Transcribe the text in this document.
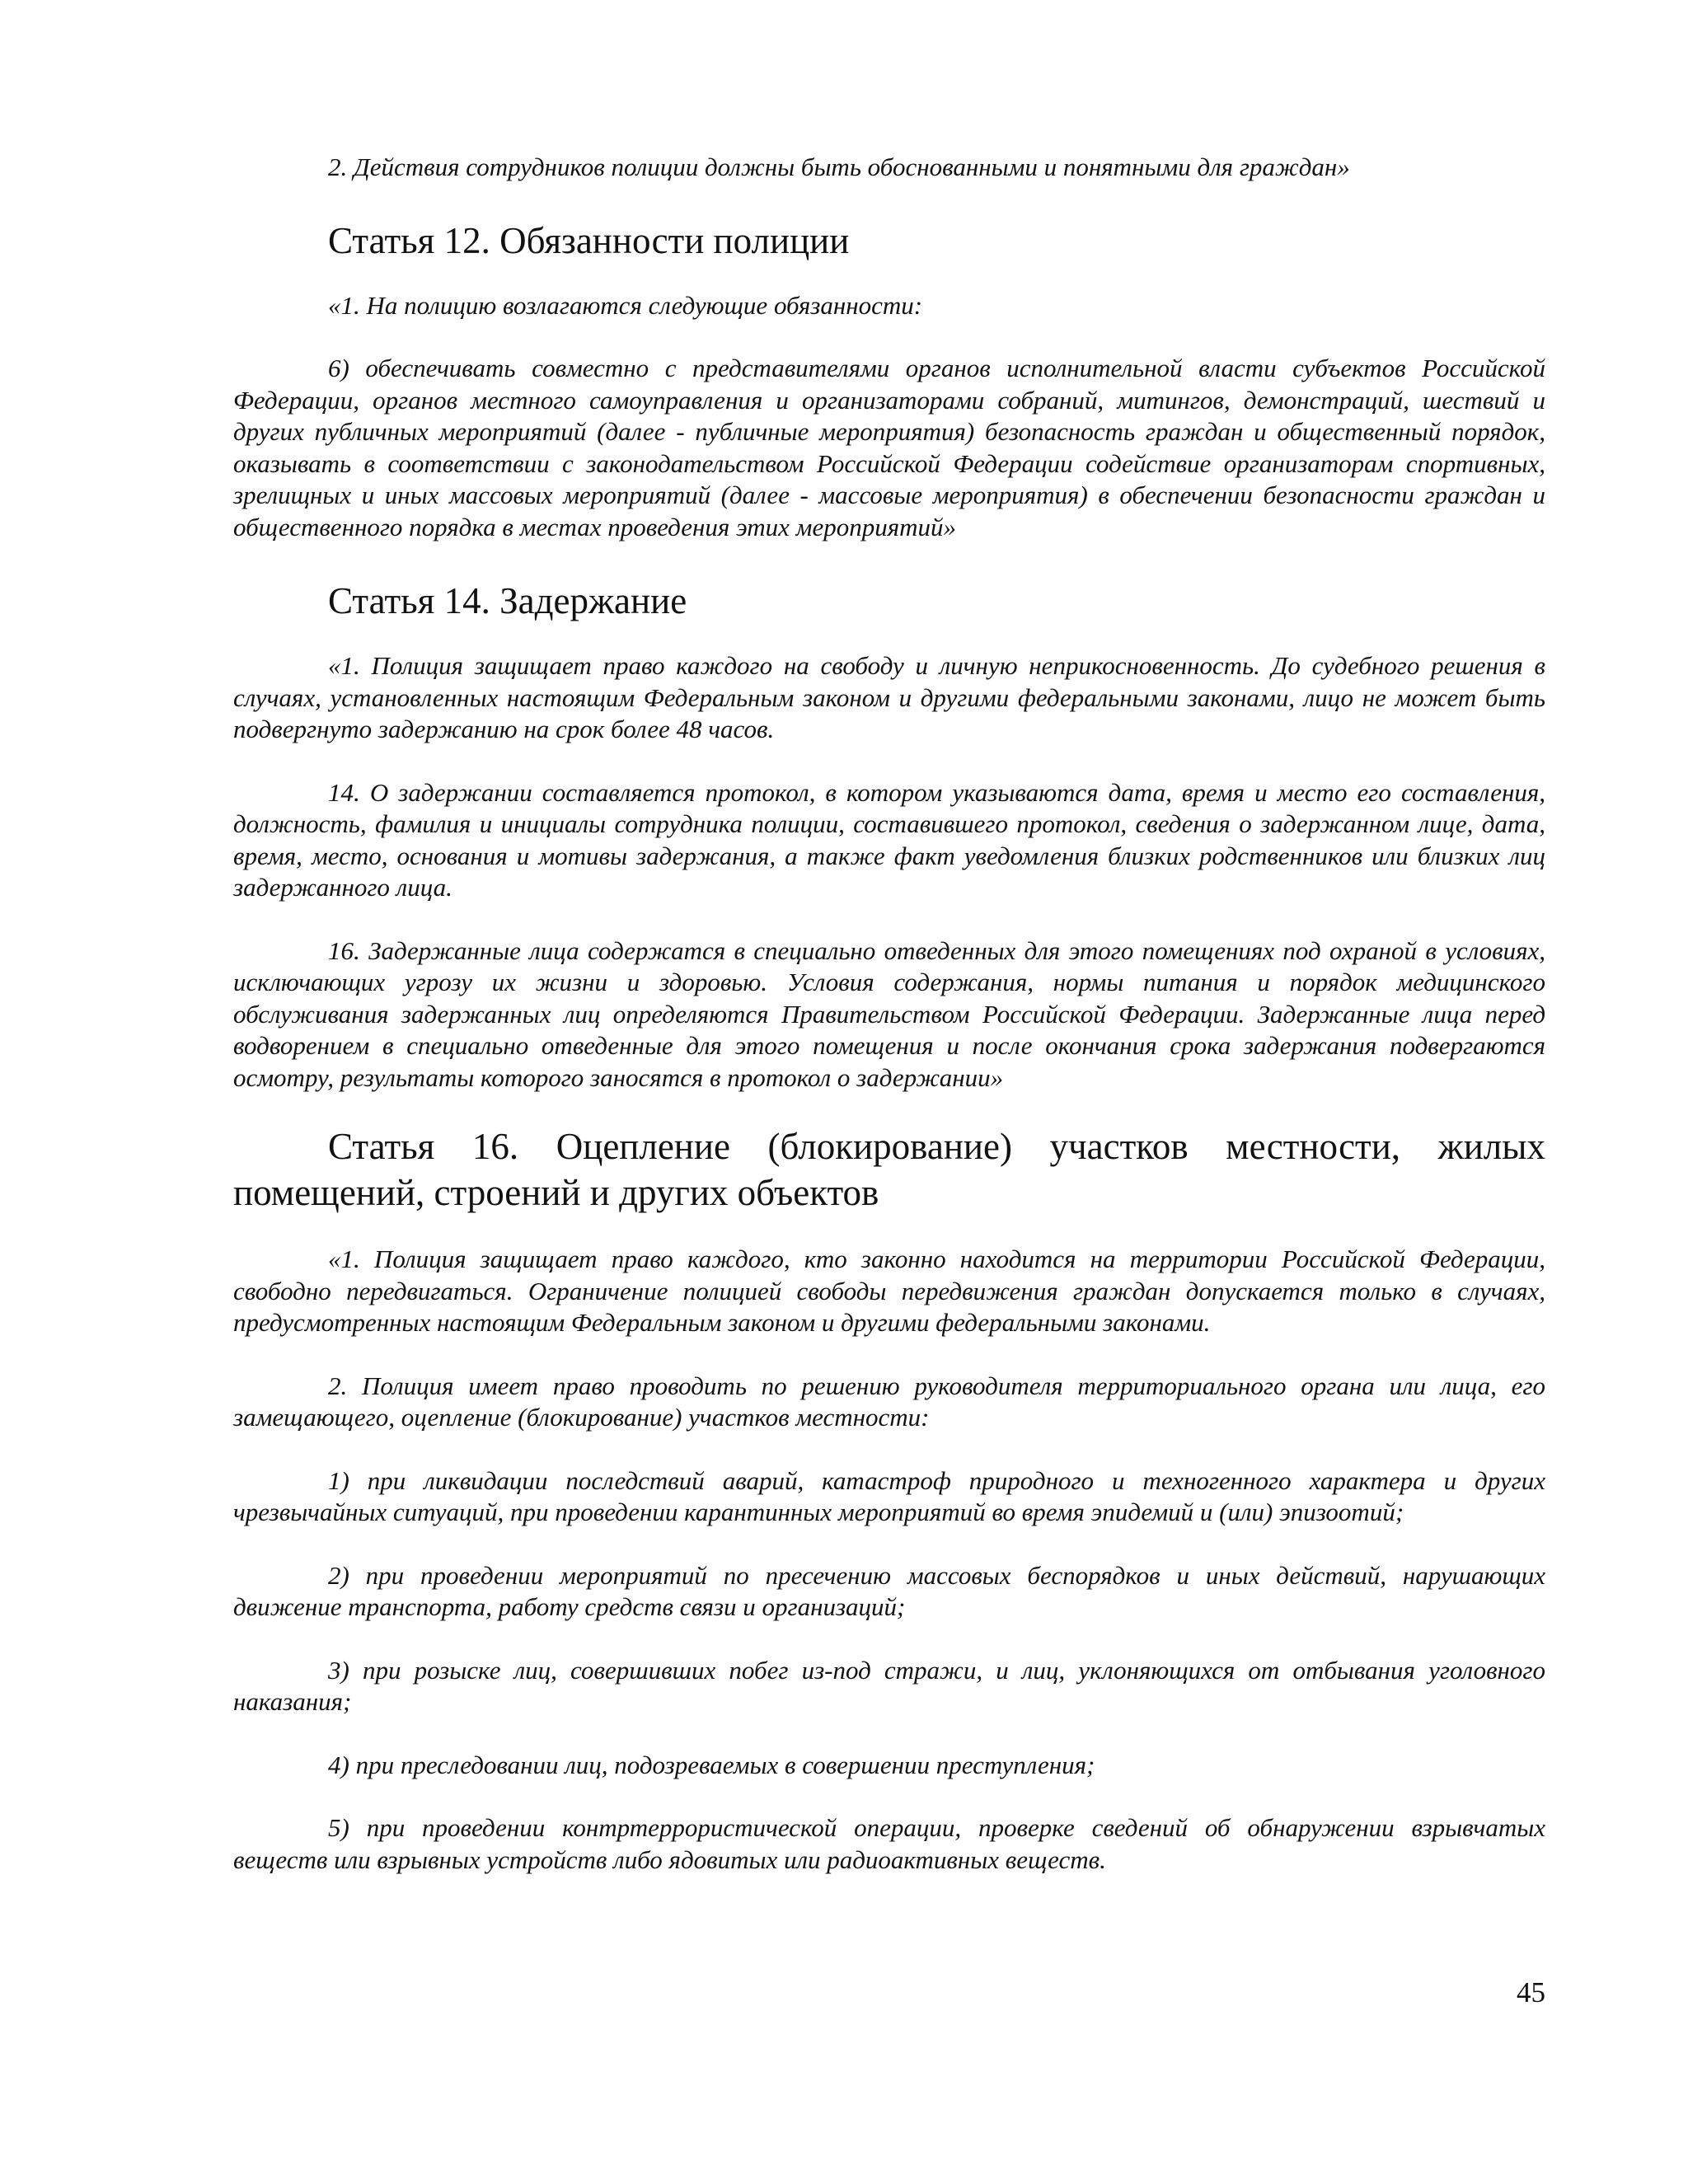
2. Действия сотрудников полиции должны быть обоснованными и понятными для граждан»

Статья 12. Обязанности полиции

«1. На полицию возлагаются следующие обязанности:

6) обеспечивать совместно с представителями органов исполнительной власти субъектов Российской Федерации, органов местного самоуправления и организаторами собраний, митингов, демонстраций, шествий и других публичных мероприятий (далее - публичные мероприятия) безопасность граждан и общественный порядок, оказывать в соответствии с законодательством Российской Федерации содействие организаторам спортивных, зрелищных и иных массовых мероприятий (далее - массовые мероприятия) в обеспечении безопасности граждан и общественного порядка в местах проведения этих мероприятий»

Статья 14. Задержание

«1. Полиция защищает право каждого на свободу и личную неприкосновенность. До судебного решения в случаях, установленных настоящим Федеральным законом и другими федеральными законами, лицо не может быть подвергнуто задержанию на срок более 48 часов.

14. О задержании составляется протокол, в котором указываются дата, время и место его составления, должность, фамилия и инициалы сотрудника полиции, составившего протокол, сведения о задержанном лице, дата, время, место, основания и мотивы задержания, а также факт уведомления близких родственников или близких лиц задержанного лица.

16. Задержанные лица содержатся в специально отведенных для этого помещениях под охраной в условиях, исключающих угрозу их жизни и здоровью. Условия содержания, нормы питания и порядок медицинского обслуживания задержанных лиц определяются Правительством Российской Федерации. Задержанные лица перед водворением в специально отведенные для этого помещения и после окончания срока задержания подвергаются осмотру, результаты которого заносятся в протокол о задержании»

Статья 16. Оцепление (блокирование) участков местности, жилых помещений, строений и других объектов

«1. Полиция защищает право каждого, кто законно находится на территории Российской Федерации, свободно передвигаться. Ограничение полицией свободы передвижения граждан допускается только в случаях, предусмотренных настоящим Федеральным законом и другими федеральными законами.

2. Полиция имеет право проводить по решению руководителя территориального органа или лица, его замещающего, оцепление (блокирование) участков местности:

1) при ликвидации последствий аварий, катастроф природного и техногенного характера и других чрезвычайных ситуаций, при проведении карантинных мероприятий во время эпидемий и (или) эпизоотий;

2) при проведении мероприятий по пресечению массовых беспорядков и иных действий, нарушающих движение транспорта, работу средств связи и организаций;

3) при розыске лиц, совершивших побег из-под стражи, и лиц, уклоняющихся от отбывания уголовного наказания;

4) при преследовании лиц, подозреваемых в совершении преступления;

5) при проведении контртеррористической операции, проверке сведений об обнаружении взрывчатых веществ или взрывных устройств либо ядовитых или радиоактивных веществ.

45
